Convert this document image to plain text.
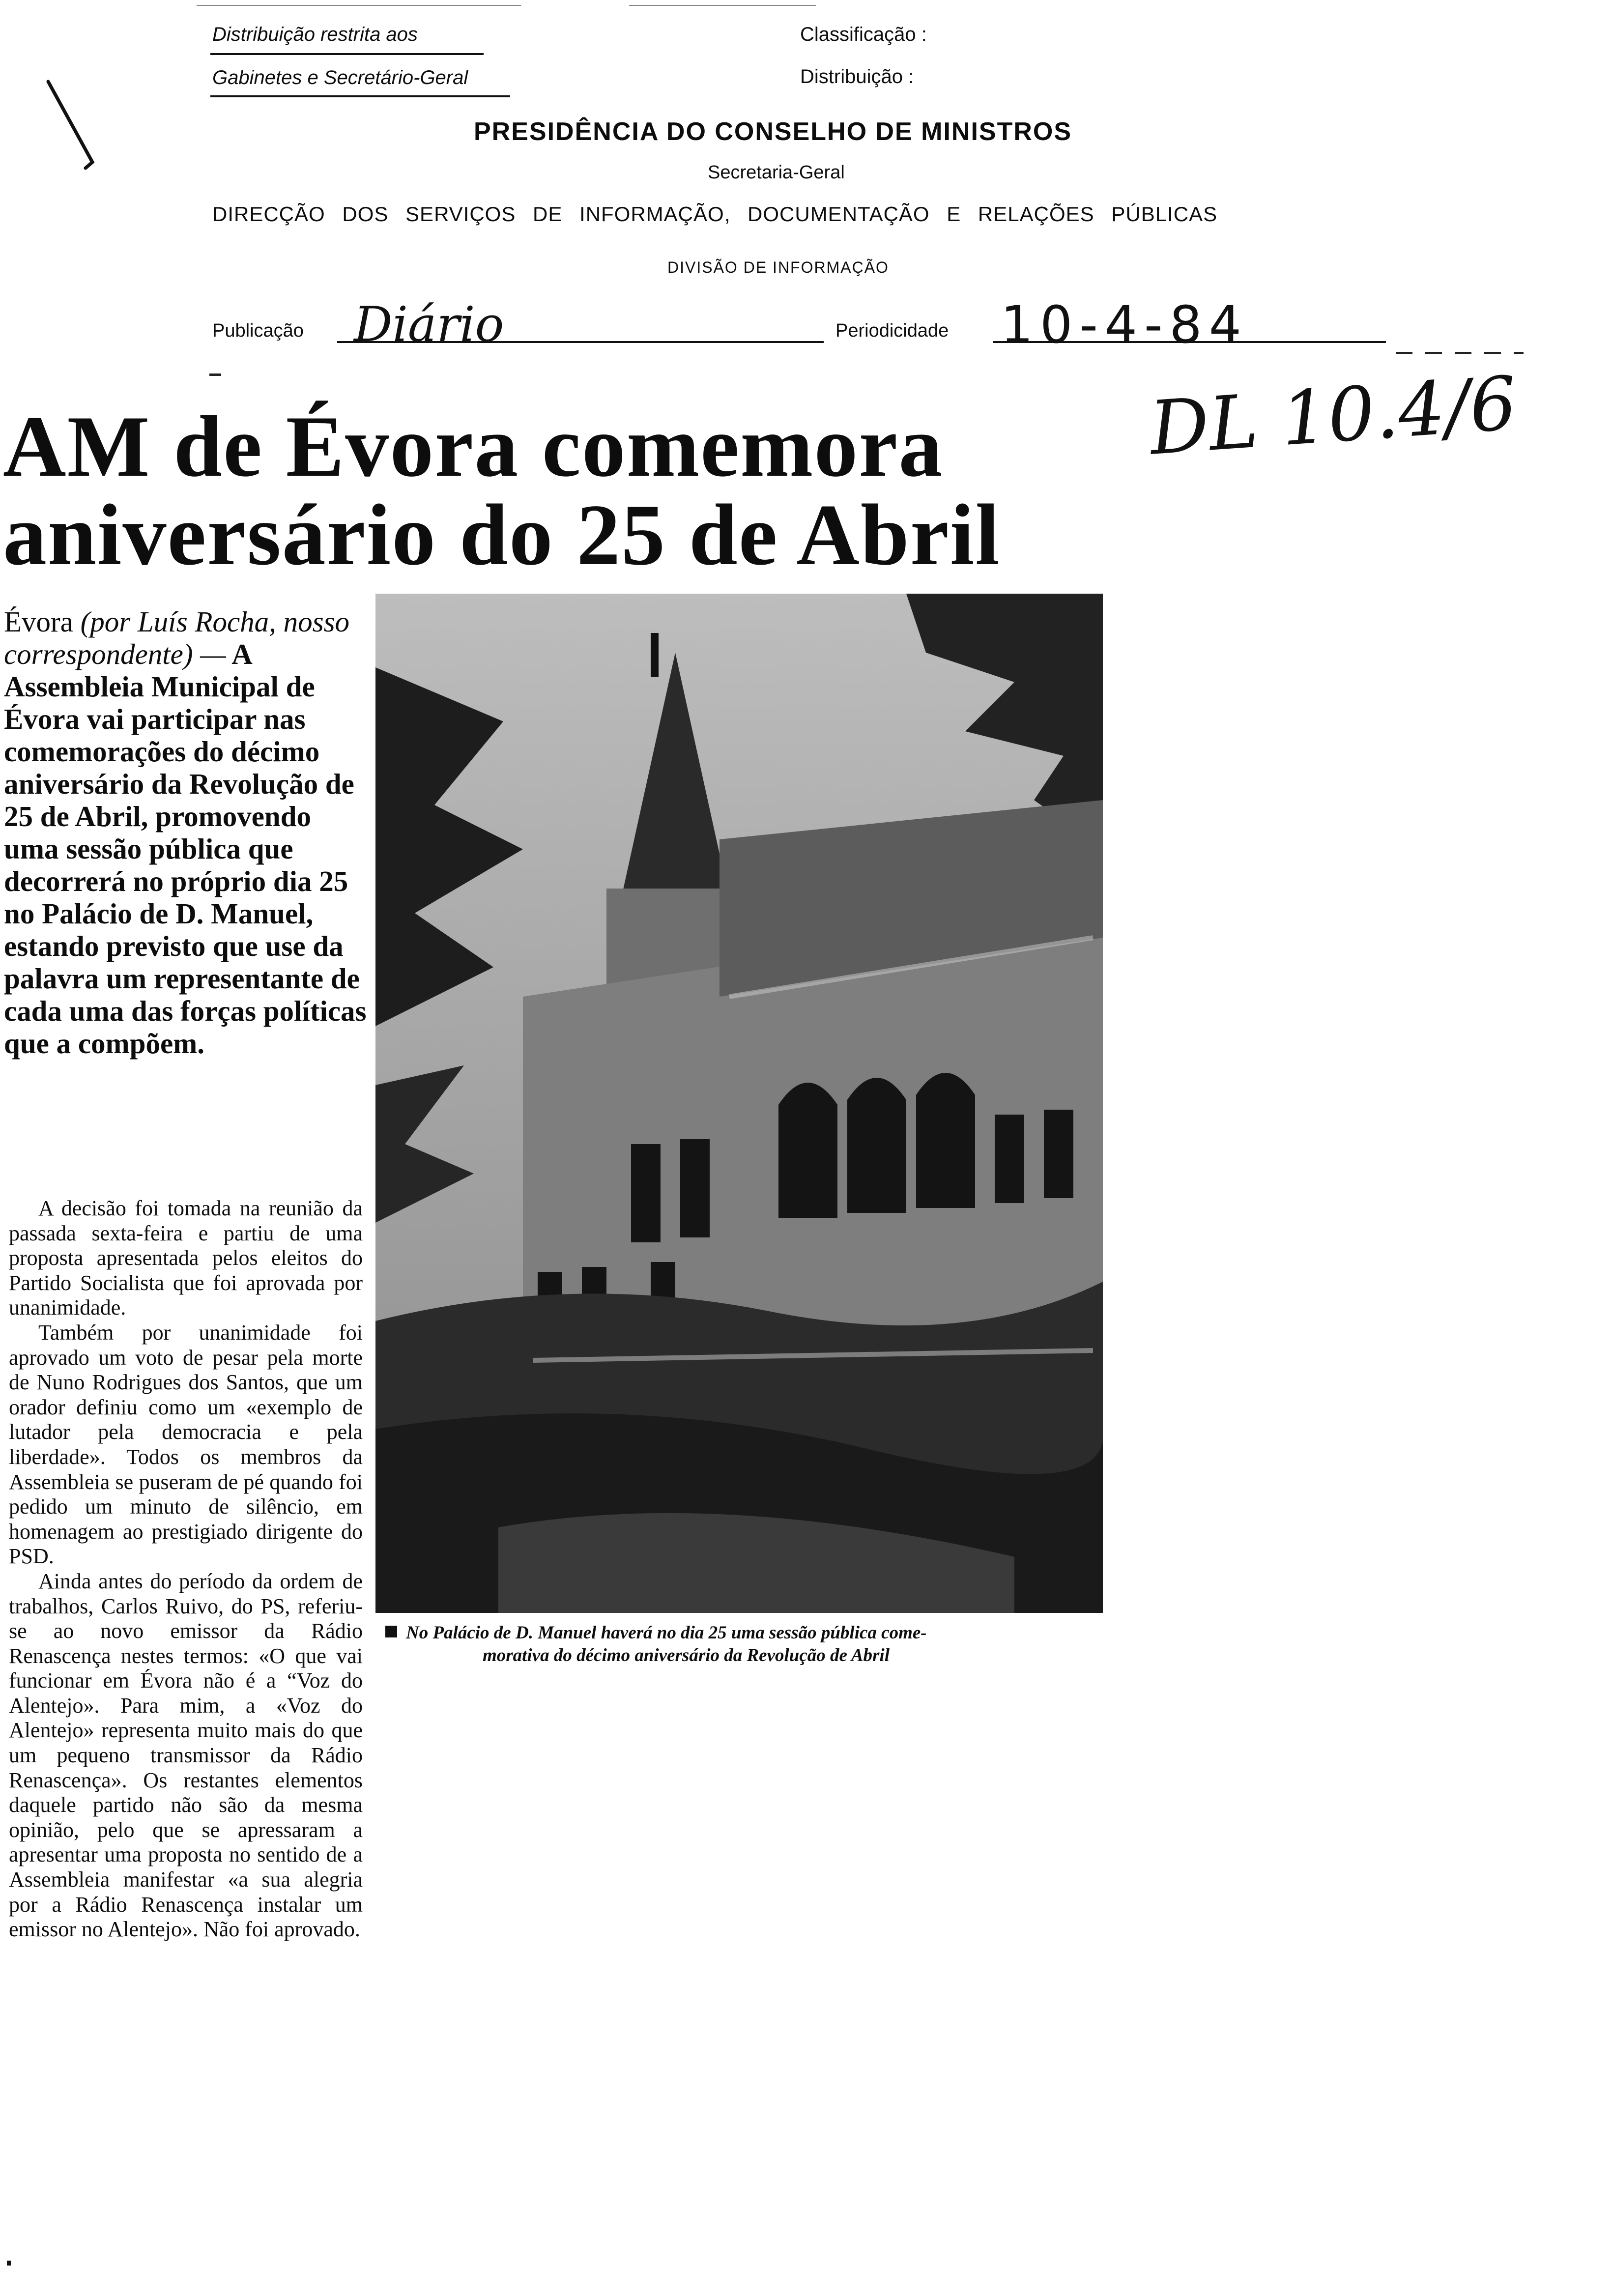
Distribuição restrita aos
Gabinetes e Secretário-Geral
Classificação :
Distribuição :
PRESIDÊNCIA DO CONSELHO DE MINISTROS
Secretaria-Geral
DIRECÇÃO DOS SERVIÇOS DE INFORMAÇÃO, DOCUMENTAÇÃO E RELAÇÕES PÚBLICAS
DIVISÃO DE INFORMAÇÃO
Publicação Diário	Periodicidade 10-4-84
AM de Évora comemora
aniversário do 25 de Abril
DL 10.4/6
Évora (por Luís Rocha, nosso correspondente) — A Assembleia Municipal de Évora vai participar nas comemorações do décimo aniversário da Revolução de 25 de Abril, promovendo uma sessão pública que decorrerá no próprio dia 25 no Palácio de D. Manuel, estando previsto que use da palavra um representante de cada uma das forças políticas que a compõem.

A decisão foi tomada na reunião da passada sexta-feira e partiu de uma proposta apresentada pelos eleitos do Partido Socialista que foi aprovada por unanimidade.

Também por unanimidade foi aprovado um voto de pesar pela morte de Nuno Rodrigues dos Santos, que um orador definiu como um «exemplo de lutador pela democracia e pela liberdade». Todos os membros da Assembleia se puseram de pé quando foi pedido um minuto de silêncio, em homenagem ao prestigiado dirigente do PSD.

Ainda antes do período da ordem de trabalhos, Carlos Ruivo, do PS, referiu-se ao novo emissor da Rádio Renascença nestes termos: «O que vai funcionar em Évora não é a “Voz do Alentejo». Para mim, a «Voz do Alentejo» representa muito mais do que um pequeno transmissor da Rádio Renascença». Os restantes elementos daquele partido não são da mesma opinião, pelo que se apressaram a apresentar uma proposta no sentido de a Assembleia manifestar «a sua alegria por a Rádio Renascença instalar um emissor no Alentejo». Não foi aprovado.

No Palácio de D. Manuel haverá no dia 25 uma sessão pública come-
morativa do décimo aniversário da Revolução de Abril
